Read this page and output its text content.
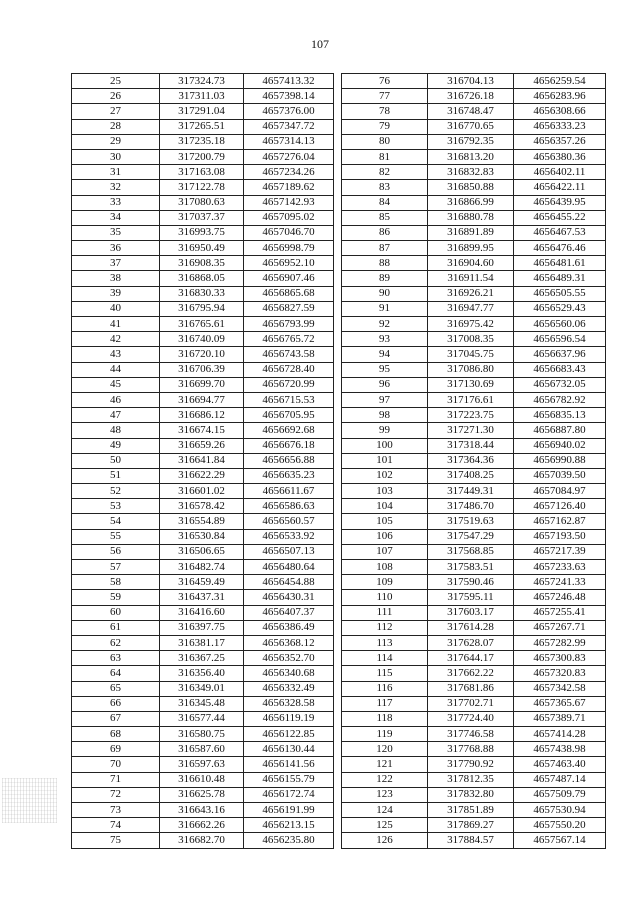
107
25	317324.73	4657413.32
26	317311.03	4657398.14
27	317291.04	4657376.00
28	317265.51	4657347.72
29	317235.18	4657314.13
30	317200.79	4657276.04
31	317163.08	4657234.26
32	317122.78	4657189.62
33	317080.63	4657142.93
34	317037.37	4657095.02
35	316993.75	4657046.70
36	316950.49	4656998.79
37	316908.35	4656952.10
38	316868.05	4656907.46
39	316830.33	4656865.68
40	316795.94	4656827.59
41	316765.61	4656793.99
42	316740.09	4656765.72
43	316720.10	4656743.58
44	316706.39	4656728.40
45	316699.70	4656720.99
46	316694.77	4656715.53
47	316686.12	4656705.95
48	316674.15	4656692.68
49	316659.26	4656676.18
50	316641.84	4656656.88
51	316622.29	4656635.23
52	316601.02	4656611.67
53	316578.42	4656586.63
54	316554.89	4656560.57
55	316530.84	4656533.92
56	316506.65	4656507.13
57	316482.74	4656480.64
58	316459.49	4656454.88
59	316437.31	4656430.31
60	316416.60	4656407.37
61	316397.75	4656386.49
62	316381.17	4656368.12
63	316367.25	4656352.70
64	316356.40	4656340.68
65	316349.01	4656332.49
66	316345.48	4656328.58
67	316577.44	4656119.19
68	316580.75	4656122.85
69	316587.60	4656130.44
70	316597.63	4656141.56
71	316610.48	4656155.79
72	316625.78	4656172.74
73	316643.16	4656191.99
74	316662.26	4656213.15
75	316682.70	4656235.80
76	316704.13	4656259.54
77	316726.18	4656283.96
78	316748.47	4656308.66
79	316770.65	4656333.23
80	316792.35	4656357.26
81	316813.20	4656380.36
82	316832.83	4656402.11
83	316850.88	4656422.11
84	316866.99	4656439.95
85	316880.78	4656455.22
86	316891.89	4656467.53
87	316899.95	4656476.46
88	316904.60	4656481.61
89	316911.54	4656489.31
90	316926.21	4656505.55
91	316947.77	4656529.43
92	316975.42	4656560.06
93	317008.35	4656596.54
94	317045.75	4656637.96
95	317086.80	4656683.43
96	317130.69	4656732.05
97	317176.61	4656782.92
98	317223.75	4656835.13
99	317271.30	4656887.80
100	317318.44	4656940.02
101	317364.36	4656990.88
102	317408.25	4657039.50
103	317449.31	4657084.97
104	317486.70	4657126.40
105	317519.63	4657162.87
106	317547.29	4657193.50
107	317568.85	4657217.39
108	317583.51	4657233.63
109	317590.46	4657241.33
110	317595.11	4657246.48
111	317603.17	4657255.41
112	317614.28	4657267.71
113	317628.07	4657282.99
114	317644.17	4657300.83
115	317662.22	4657320.83
116	317681.86	4657342.58
117	317702.71	4657365.67
118	317724.40	4657389.71
119	317746.58	4657414.28
120	317768.88	4657438.98
121	317790.92	4657463.40
122	317812.35	4657487.14
123	317832.80	4657509.79
124	317851.89	4657530.94
125	317869.27	4657550.20
126	317884.57	4657567.14
